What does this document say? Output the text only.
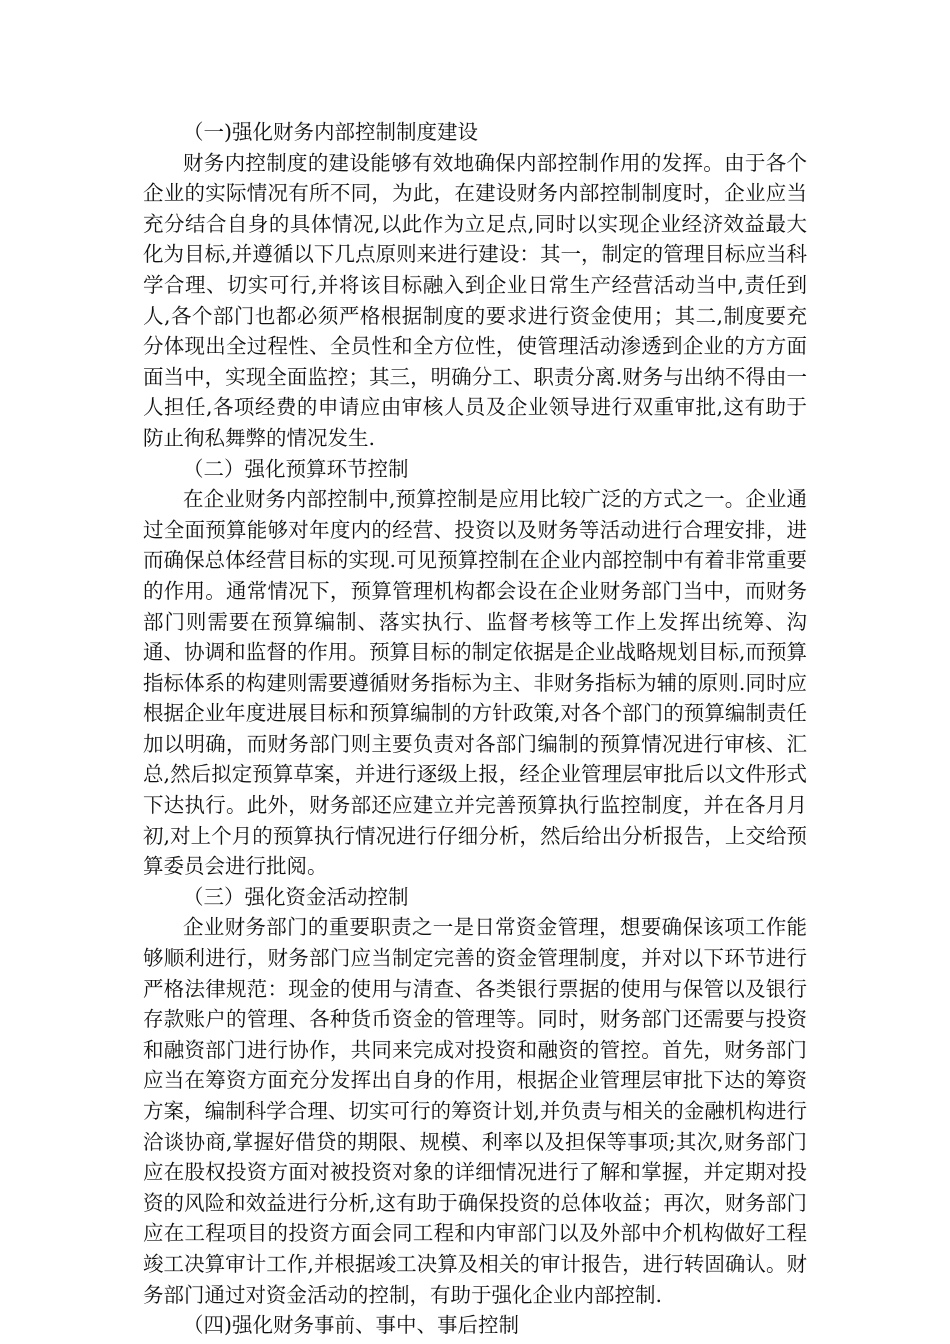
（一)强化财务内部控制制度建设

财务内控制度的建设能够有效地确保内部控制作用的发挥。由于各个企业的实际情况有所不同，为此，在建设财务内部控制制度时，企业应当充分结合自身的具体情况,以此作为立足点,同时以实现企业经济效益最大化为目标,并遵循以下几点原则来进行建设：其一，制定的管理目标应当科学合理、切实可行,并将该目标融入到企业日常生产经营活动当中,责任到人,各个部门也都必须严格根据制度的要求进行资金使用；其二,制度要充分体现出全过程性、全员性和全方位性，使管理活动渗透到企业的方方面面当中，实现全面监控；其三，明确分工、职责分离.财务与出纳不得由一人担任,各项经费的申请应由审核人员及企业领导进行双重审批,这有助于防止徇私舞弊的情况发生.

（二）强化预算环节控制

在企业财务内部控制中,预算控制是应用比较广泛的方式之一。企业通过全面预算能够对年度内的经营、投资以及财务等活动进行合理安排，进而确保总体经营目标的实现.可见预算控制在企业内部控制中有着非常重要的作用。通常情况下，预算管理机构都会设在企业财务部门当中，而财务部门则需要在预算编制、落实执行、监督考核等工作上发挥出统筹、沟通、协调和监督的作用。预算目标的制定依据是企业战略规划目标,而预算指标体系的构建则需要遵循财务指标为主、非财务指标为辅的原则.同时应根据企业年度进展目标和预算编制的方针政策,对各个部门的预算编制责任加以明确，而财务部门则主要负责对各部门编制的预算情况进行审核、汇总,然后拟定预算草案，并进行逐级上报，经企业管理层审批后以文件形式下达执行。此外，财务部还应建立并完善预算执行监控制度，并在各月月初,对上个月的预算执行情况进行仔细分析，然后给出分析报告，上交给预算委员会进行批阅。

（三）强化资金活动控制

企业财务部门的重要职责之一是日常资金管理，想要确保该项工作能够顺利进行，财务部门应当制定完善的资金管理制度，并对以下环节进行严格法律规范：现金的使用与清查、各类银行票据的使用与保管以及银行存款账户的管理、各种货币资金的管理等。同时，财务部门还需要与投资和融资部门进行协作，共同来完成对投资和融资的管控。首先，财务部门应当在筹资方面充分发挥出自身的作用，根据企业管理层审批下达的筹资方案，编制科学合理、切实可行的筹资计划,并负责与相关的金融机构进行洽谈协商,掌握好借贷的期限、规模、利率以及担保等事项;其次,财务部门应在股权投资方面对被投资对象的详细情况进行了解和掌握，并定期对投资的风险和效益进行分析,这有助于确保投资的总体收益；再次，财务部门应在工程项目的投资方面会同工程和内审部门以及外部中介机构做好工程竣工决算审计工作,并根据竣工决算及相关的审计报告，进行转固确认。财务部门通过对资金活动的控制，有助于强化企业内部控制.

（四)强化财务事前、事中、事后控制
